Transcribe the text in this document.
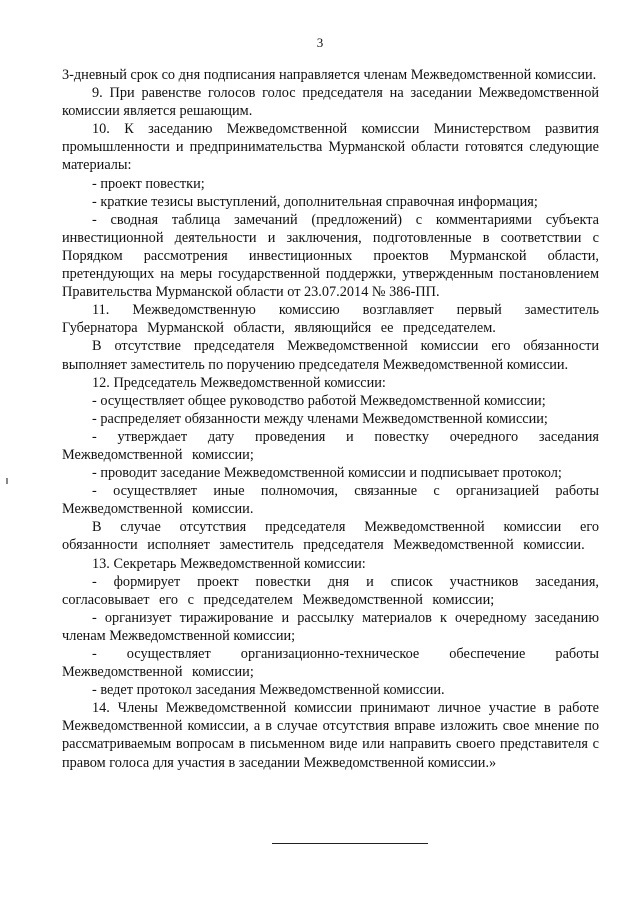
3

3-дневный срок со дня подписания направляется членам Межведомственной комиссии.

9. При равенстве голосов голос председателя на заседании Межведомственной комиссии является решающим.

10. К заседанию Межведомственной комиссии Министерством развития промышленности и предпринимательства Мурманской области готовятся следующие материалы:

- проект повестки;

- краткие тезисы выступлений, дополнительная справочная информация;

- сводная таблица замечаний (предложений) с комментариями субъекта инвестиционной деятельности и заключения, подготовленные в соответствии с Порядком рассмотрения инвестиционных проектов Мурманской области, претендующих на меры государственной поддержки, утвержденным постановлением Правительства Мурманской области от 23.07.2014 № 386-ПП.

11. Межведомственную комиссию возглавляет первый заместитель Губернатора Мурманской области, являющийся ее председателем.

В отсутствие председателя Межведомственной комиссии его обязанности выполняет заместитель по поручению председателя Межведомственной комиссии.

12. Председатель Межведомственной комиссии:

- осуществляет общее руководство работой Межведомственной комиссии;

- распределяет обязанности между членами Межведомственной комиссии;

- утверждает дату проведения и повестку очередного заседания Межведомственной комиссии;

- проводит заседание Межведомственной комиссии и подписывает протокол;

- осуществляет иные полномочия, связанные с организацией работы Межведомственной комиссии.

В случае отсутствия председателя Межведомственной комиссии его обязанности исполняет заместитель председателя Межведомственной комиссии.

13. Секретарь Межведомственной комиссии:

- формирует проект повестки дня и список участников заседания, согласовывает его с председателем Межведомственной комиссии;

- организует тиражирование и рассылку материалов к очередному заседанию членам Межведомственной комиссии;

- осуществляет организационно-техническое обеспечение работы Межведомственной комиссии;

- ведет протокол заседания Межведомственной комиссии.

14. Члены Межведомственной комиссии принимают личное участие в работе Межведомственной комиссии, а в случае отсутствия вправе изложить свое мнение по рассматриваемым вопросам в письменном виде или направить своего представителя с правом голоса для участия в заседании Межведомственной комиссии.»
